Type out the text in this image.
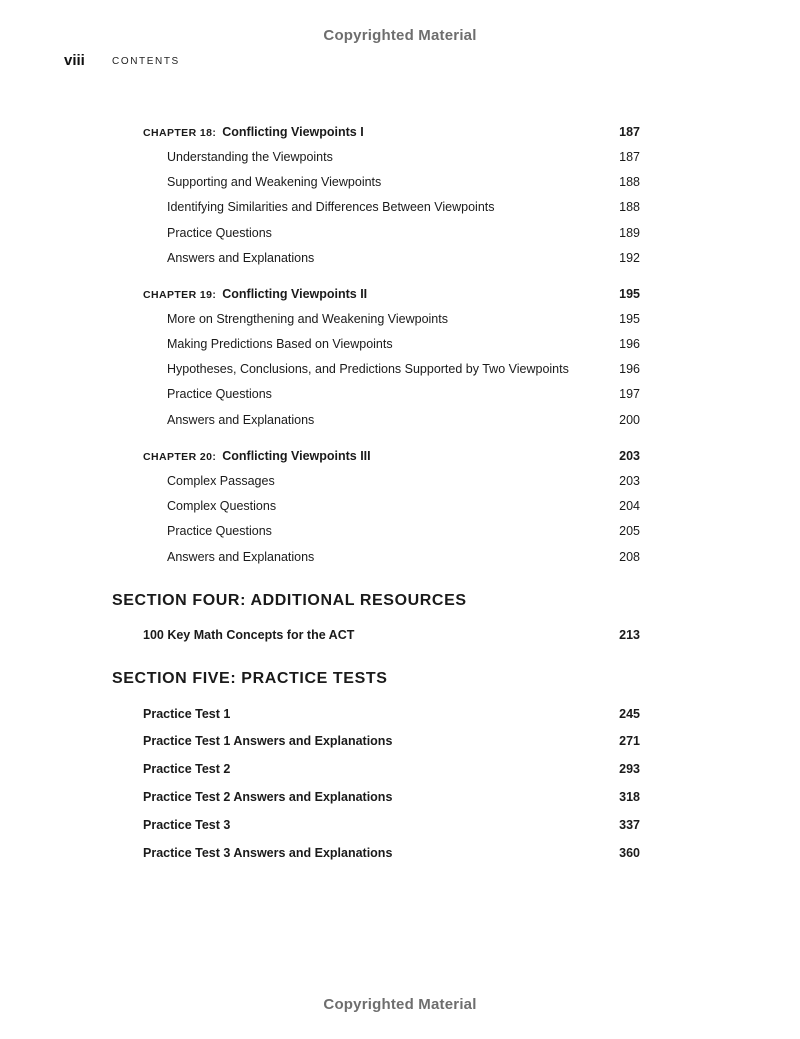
Copyrighted Material
viii	CONTENTS
CHAPTER 18: Conflicting Viewpoints I	187
Understanding the Viewpoints	187
Supporting and Weakening Viewpoints	188
Identifying Similarities and Differences Between Viewpoints	188
Practice Questions	189
Answers and Explanations	192
CHAPTER 19: Conflicting Viewpoints II	195
More on Strengthening and Weakening Viewpoints	195
Making Predictions Based on Viewpoints	196
Hypotheses, Conclusions, and Predictions Supported by Two Viewpoints	196
Practice Questions	197
Answers and Explanations	200
CHAPTER 20: Conflicting Viewpoints III	203
Complex Passages	203
Complex Questions	204
Practice Questions	205
Answers and Explanations	208
SECTION FOUR: ADDITIONAL RESOURCES
100 Key Math Concepts for the ACT	213
SECTION FIVE: PRACTICE TESTS
Practice Test 1	245
Practice Test 1 Answers and Explanations	271
Practice Test 2	293
Practice Test 2 Answers and Explanations	318
Practice Test 3	337
Practice Test 3 Answers and Explanations	360
Copyrighted Material
